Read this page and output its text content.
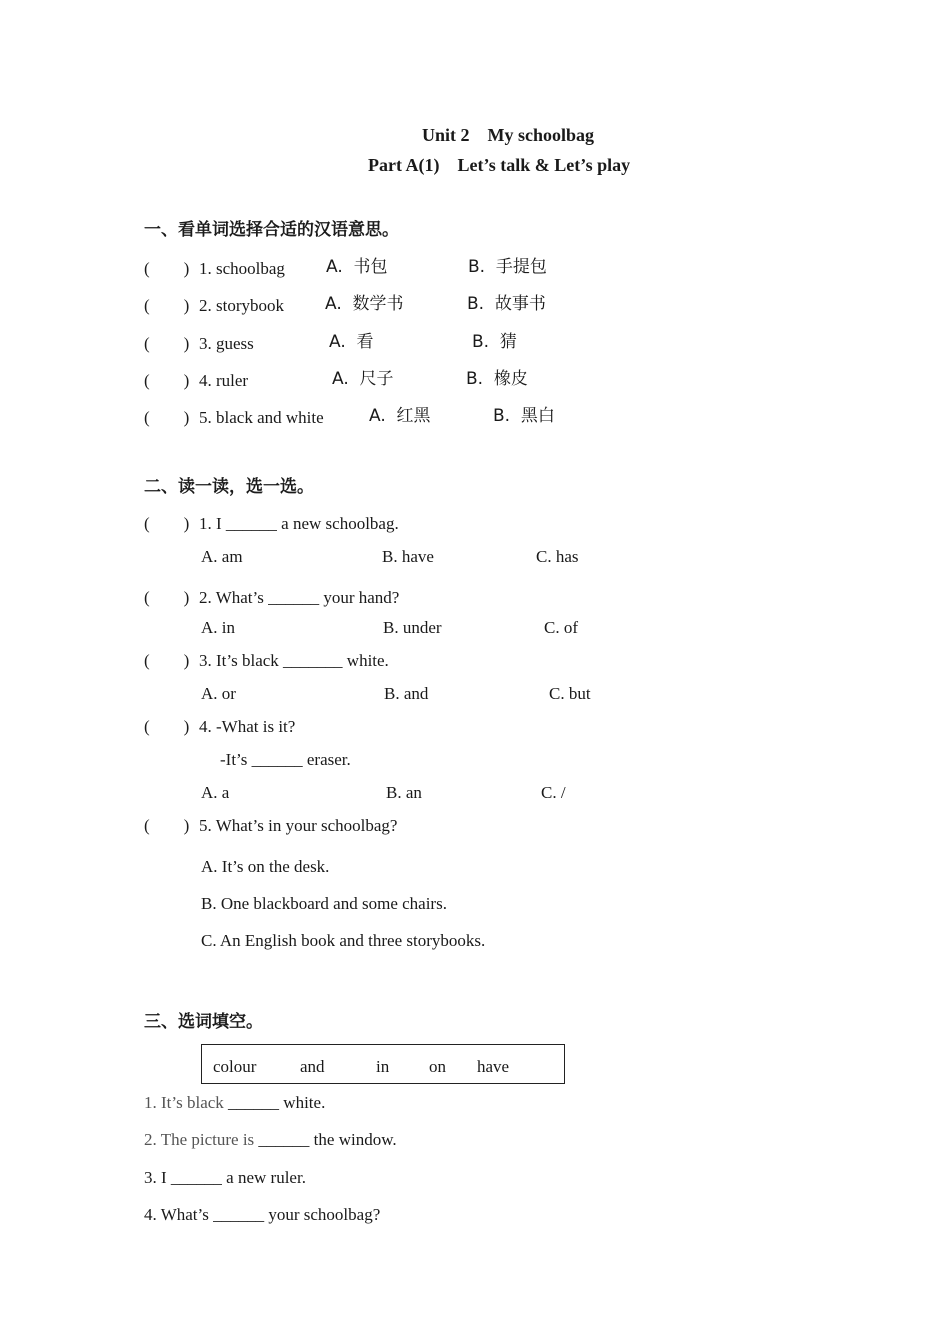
Unit 2    My schoolbag
Part A(1)    Let’s talk & Let’s play
一、看单词选择合适的汉语意思。
(        ) 1. schoolbag A.  书包	B.  手提包
(        ) 2. storybook A.  数学书	B.  故事书
(        ) 3. guess	A.  看	B.  猜
(        ) 4. ruler	A.  尺子	B.  橡皮
(        ) 5. black and white	A.  红黑	B.  黑白
二、读一读，选一选。
(        ) 1. I ______ a new schoolbag.
A. am	B. have	C. has
(        ) 2. What’s ______ your hand?
A. in	B. under	C. of
(        ) 3. It’s black _______ white.
A. or	B. and	C. but
(        ) 4. -What is it?
-It’s ______ eraser.
A. a	B. an	C. /
(        ) 5. What’s in your schoolbag?
A. It’s on the desk.
B. One blackboard and some chairs.
C. An English book and three storybooks.
三、选词填空。
colour	and	in on have
1. It’s black ______ white.
2. The picture is ______ the window.
3. I ______ a new ruler.
4. What’s ______ your schoolbag?
